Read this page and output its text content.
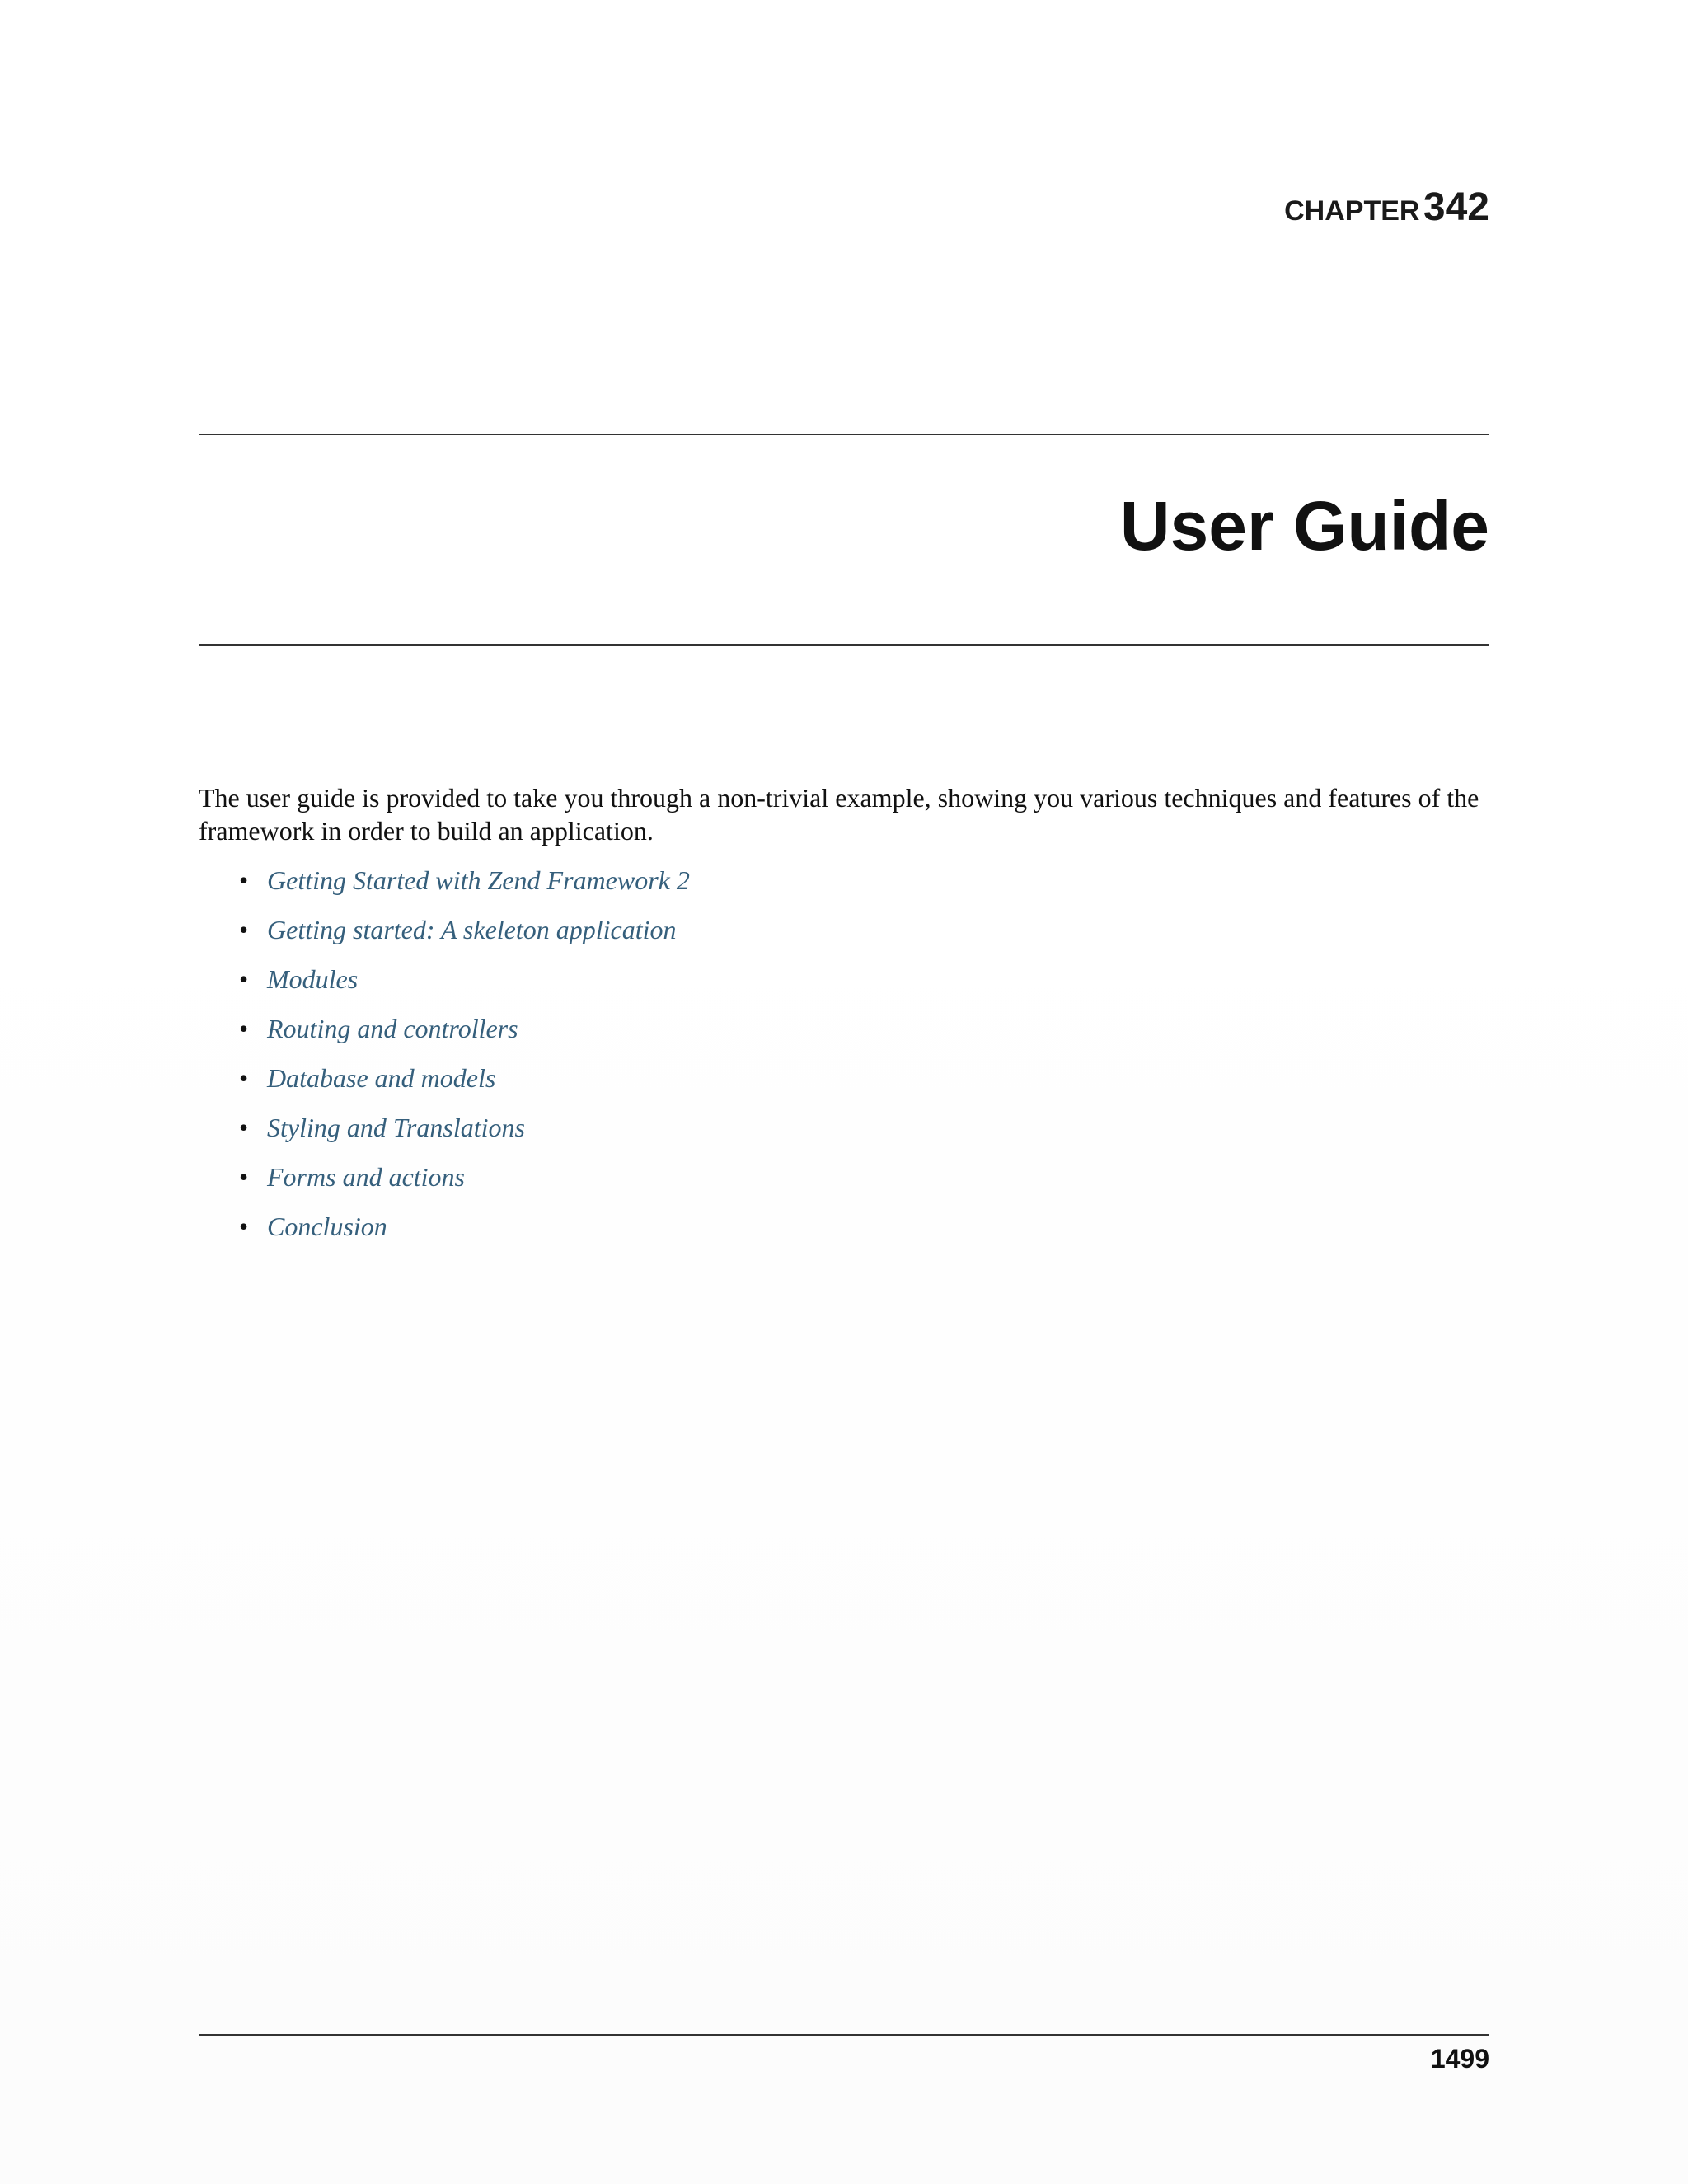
CHAPTER 342
User Guide

The user guide is provided to take you through a non-trivial example, showing you various techniques and features of the framework in order to build an application.

• Getting Started with Zend Framework 2
• Getting started: A skeleton application
• Modules
• Routing and controllers
• Database and models
• Styling and Translations
• Forms and actions
• Conclusion
1499
